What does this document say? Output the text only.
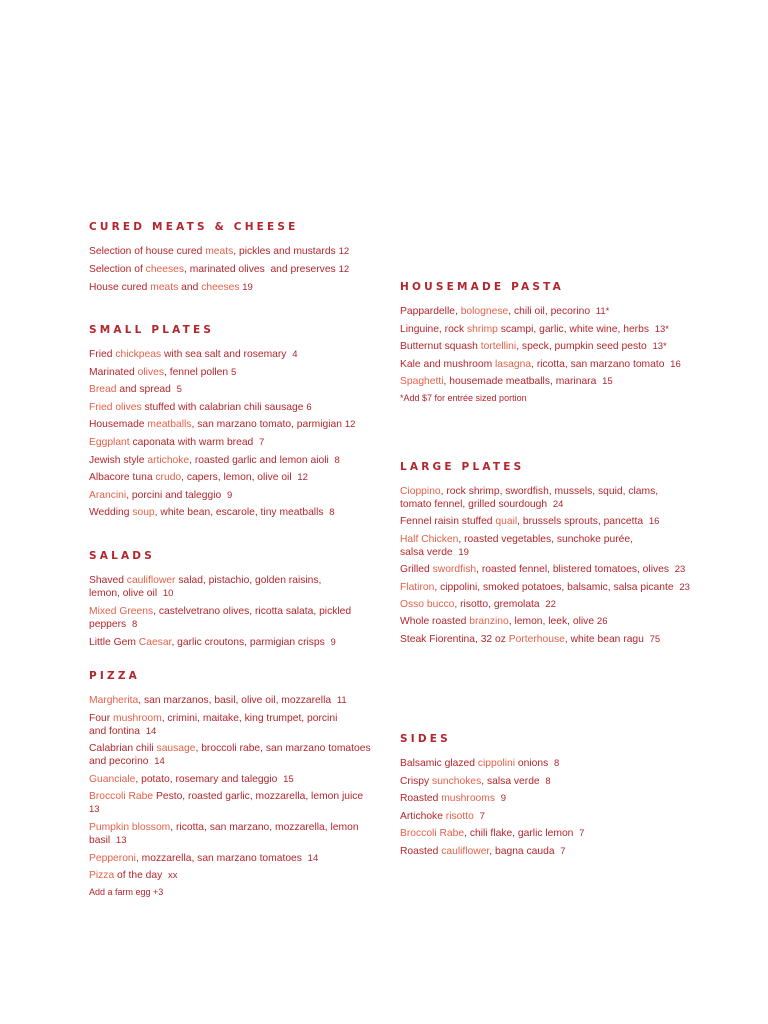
CURED MEATS & CHEESE

Selection of house cured meats, pickles and mustards 12

Selection of cheeses, marinated olives  and preserves 12

House cured meats and cheeses 19

SMALL PLATES

Fried chickpeas with sea salt and rosemary  4

Marinated olives, fennel pollen 5

Bread and spread  5

Fried olives stuffed with calabrian chili sausage 6

Housemade meatballs, san marzano tomato, parmigian 12

Eggplant caponata with warm bread  7

Jewish style artichoke, roasted garlic and lemon aioli  8

Albacore tuna crudo, capers, lemon, olive oil  12

Arancini, porcini and taleggio  9

Wedding soup, white bean, escarole, tiny meatballs  8

SALADS

Shaved cauliflower salad, pistachio, golden raisins,
lemon, olive oil  10

Mixed Greens, castelvetrano olives, ricotta salata, pickled
peppers  8

Little Gem Caesar, garlic croutons, parmigian crisps  9

PIZZA

Margherita, san marzanos, basil, olive oil, mozzarella  11

Four mushroom, crimini, maitake, king trumpet, porcini
and fontina  14

Calabrian chili sausage, broccoli rabe, san marzano tomatoes
and pecorino  14

Guanciale, potato, rosemary and taleggio  15

Broccoli Rabe Pesto, roasted garlic, mozzarella, lemon juice  13

Pumpkin blossom, ricotta, san marzano, mozzarella, lemon
basil  13

Pepperoni, mozzarella, san marzano tomatoes  14

Pizza of the day  xx

Add a farm egg +3

HOUSEMADE PASTA

Pappardelle, bolognese, chili oil, pecorino  11*

Linguine, rock shrimp scampi, garlic, white wine, herbs  13*

Butternut squash tortellini, speck, pumpkin seed pesto  13*

Kale and mushroom lasagna, ricotta, san marzano tomato  16

Spaghetti, housemade meatballs, marinara  15

*Add $7 for entrée sized portion

LARGE PLATES

Cioppino, rock shrimp, swordfish, mussels, squid, clams,
tomato fennel, grilled sourdough  24

Fennel raisin stuffed quail, brussels sprouts, pancetta  16

Half Chicken, roasted vegetables, sunchoke purée,
salsa verde  19

Grilled swordfish, roasted fennel, blistered tomatoes, olives  23

Flatiron, cippolini, smoked potatoes, balsamic, salsa picante  23

Osso bucco, risotto, gremolata  22

Whole roasted branzino, lemon, leek, olive 26

Steak Fiorentina, 32 oz Porterhouse, white bean ragu  75

SIDES

Balsamic glazed cippolini onions  8

Crispy sunchokes, salsa verde  8

Roasted mushrooms 9

Artichoke risotto 7

Broccoli Rabe, chili flake, garlic lemon  7

Roasted cauliflower, bagna cauda  7
